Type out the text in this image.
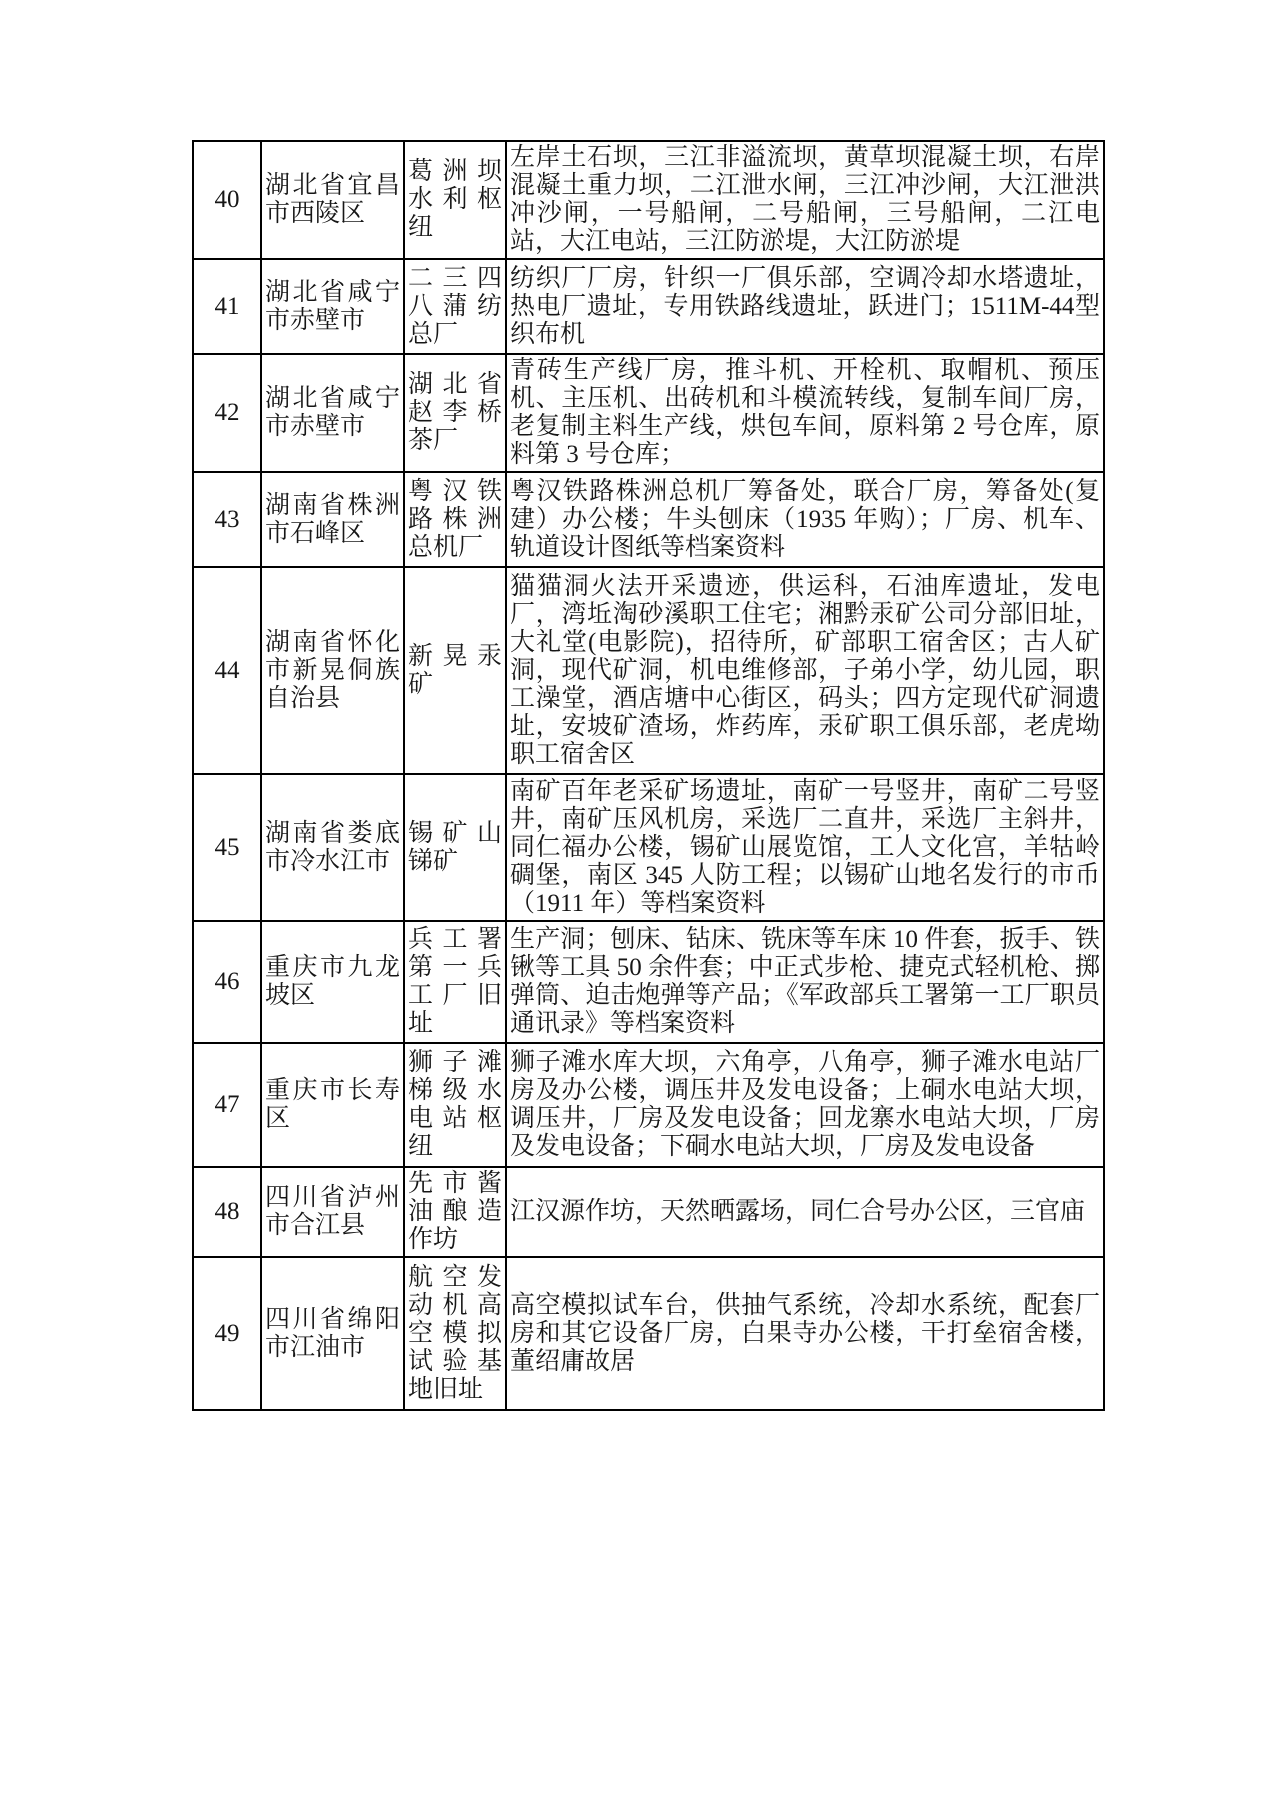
40	湖北省宜昌市西陵区	葛洲坝水利枢纽	左岸土石坝，三江非溢流坝，黄草坝混凝土坝，右岸混凝土重力坝，二江泄水闸，三江冲沙闸，大江泄洪冲沙闸，一号船闸，二号船闸，三号船闸，二江电站，大江电站，三江防淤堤，大江防淤堤
41	湖北省咸宁市赤壁市	二三四八蒲纺总厂	纺织厂厂房，针织一厂俱乐部，空调冷却水塔遗址，热电厂遗址，专用铁路线遗址，跃进门；1511M-44型织布机
42	湖北省咸宁市赤壁市	湖北省赵李桥茶厂	青砖生产线厂房，推斗机、开栓机、取帽机、预压机、主压机、出砖机和斗模流转线，复制车间厂房，老复制主料生产线，烘包车间，原料第 2 号仓库，原料第 3 号仓库；
43	湖南省株洲市石峰区	粤汉铁路株洲总机厂	粤汉铁路株洲总机厂筹备处，联合厂房，筹备处(复建）办公楼；牛头刨床（1935 年购）；厂房、机车、轨道设计图纸等档案资料
44	湖南省怀化市新晃侗族自治县	新晃汞矿	猫猫洞火法开采遗迹，供运科，石油库遗址，发电厂，湾坵淘砂溪职工住宅；湘黔汞矿公司分部旧址，大礼堂(电影院)，招待所，矿部职工宿舍区；古人矿洞，现代矿洞，机电维修部，子弟小学，幼儿园，职工澡堂，酒店塘中心街区，码头；四方定现代矿洞遗址，安坡矿渣场，炸药库，汞矿职工俱乐部，老虎坳职工宿舍区
45	湖南省娄底市冷水江市	锡矿山锑矿	南矿百年老采矿场遗址，南矿一号竖井，南矿二号竖井，南矿压风机房，采选厂二直井，采选厂主斜井，同仁福办公楼，锡矿山展览馆，工人文化宫，羊牯岭碉堡，南区 345 人防工程；以锡矿山地名发行的市币（1911 年）等档案资料
46	重庆市九龙坡区	兵工署第一兵工厂旧址	生产洞；刨床、钻床、铣床等车床 10 件套，扳手、铁锹等工具 50 余件套；中正式步枪、捷克式轻机枪、掷弹筒、迫击炮弹等产品；《军政部兵工署第一工厂职员通讯录》等档案资料
47	重庆市长寿区	狮子滩梯级水电站枢纽	狮子滩水库大坝，六角亭，八角亭，狮子滩水电站厂房及办公楼，调压井及发电设备；上硐水电站大坝，调压井，厂房及发电设备；回龙寨水电站大坝，厂房及发电设备；下硐水电站大坝，厂房及发电设备
48	四川省泸州市合江县	先市酱油酿造作坊	江汉源作坊，天然晒露场，同仁合号办公区，三官庙
49	四川省绵阳市江油市	航空发动机高空模拟试验基地旧址	高空模拟试车台，供抽气系统，冷却水系统，配套厂房和其它设备厂房，白果寺办公楼，干打垒宿舍楼，董绍庸故居
